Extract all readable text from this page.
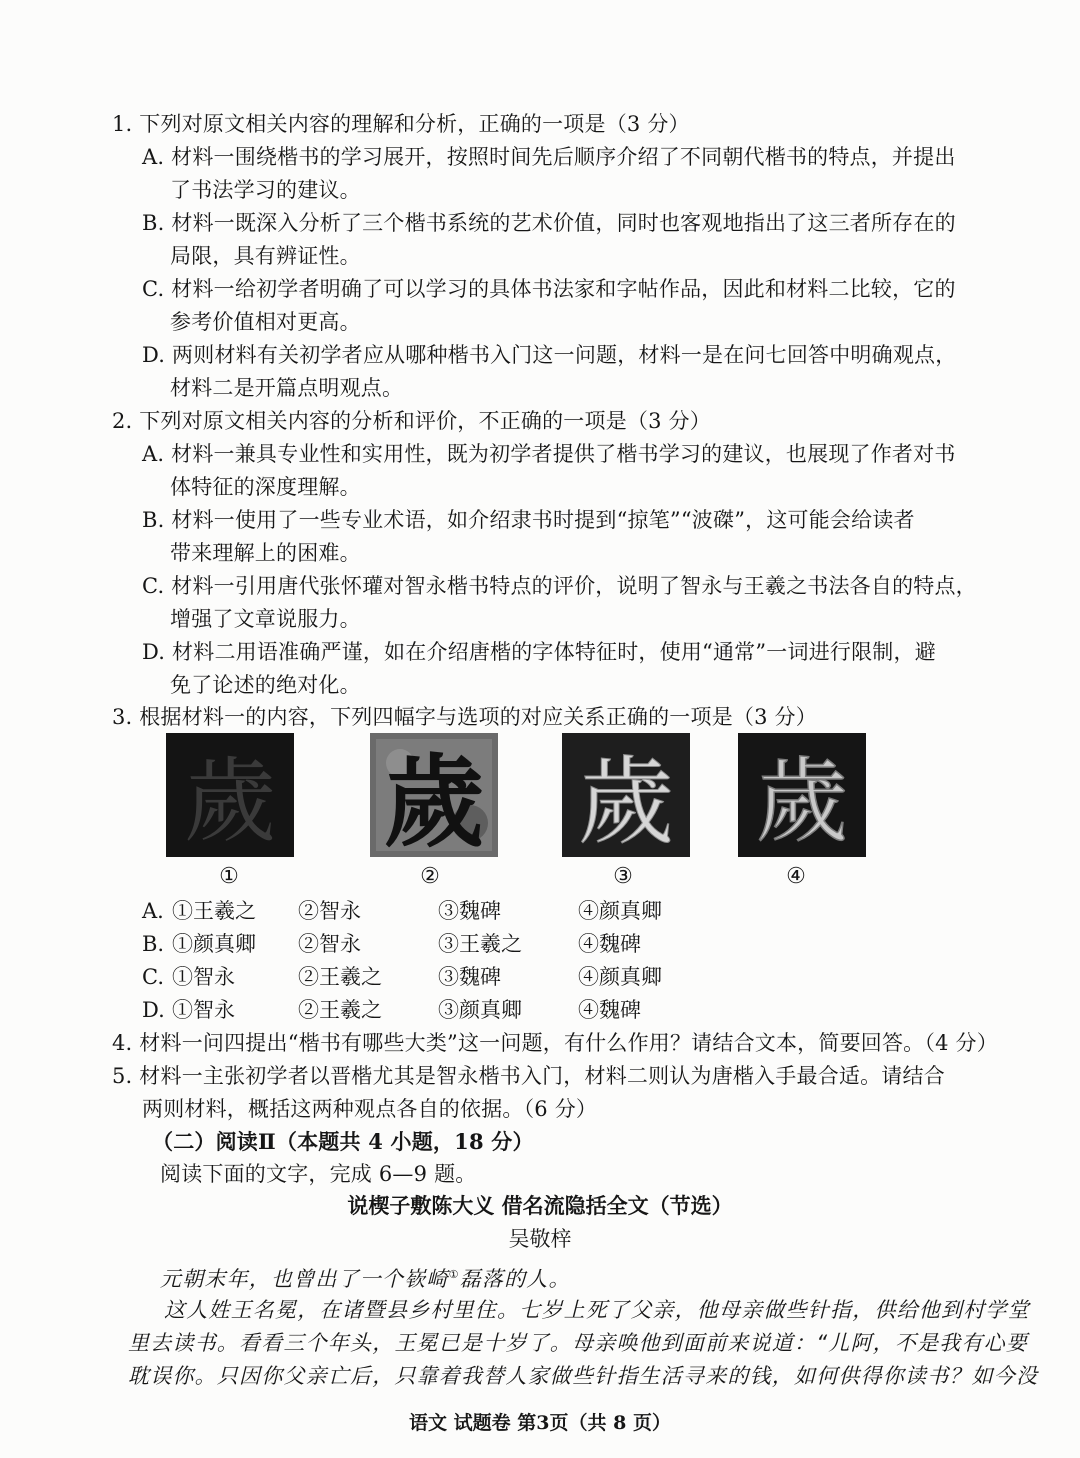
1. 下列对原文相关内容的理解和分析，正确的一项是（3 分）
A. 材料一围绕楷书的学习展开，按照时间先后顺序介绍了不同朝代楷书的特点，并提出
了书法学习的建议。
B. 材料一既深入分析了三个楷书系统的艺术价值，同时也客观地指出了这三者所存在的
局限，具有辨证性。
C. 材料一给初学者明确了可以学习的具体书法家和字帖作品，因此和材料二比较，它的
参考价值相对更高。
D. 两则材料有关初学者应从哪种楷书入门这一问题，材料一是在问七回答中明确观点，
材料二是开篇点明观点。
2. 下列对原文相关内容的分析和评价，不正确的一项是（3 分）
A. 材料一兼具专业性和实用性，既为初学者提供了楷书学习的建议，也展现了作者对书
体特征的深度理解。
B. 材料一使用了一些专业术语，如介绍隶书时提到“掠笔”“波磔”，这可能会给读者
带来理解上的困难。
C. 材料一引用唐代张怀瓘对智永楷书特点的评价，说明了智永与王羲之书法各自的特点，
增强了文章说服力。
D. 材料二用语准确严谨，如在介绍唐楷的字体特征时，使用“通常”一词进行限制，避
免了论述的绝对化。
3. 根据材料一的内容，下列四幅字与选项的对应关系正确的一项是（3 分）
歲 歲 歲 歲
①	②	③	④
A. ①王羲之 ②智永	③魏碑	④颜真卿
B. ①颜真卿 ②智永	③王羲之	④魏碑
C. ①智永	②王羲之	③魏碑	④颜真卿
D. ①智永	②王羲之	③颜真卿	④魏碑
4. 材料一问四提出“楷书有哪些大类”这一问题，有什么作用？请结合文本，简要回答。（4 分）
5. 材料一主张初学者以晋楷尤其是智永楷书入门，材料二则认为唐楷入手最合适。请结合
两则材料，概括这两种观点各自的依据。（6 分）
（二）阅读Ⅱ（本题共 4 小题，18 分）
阅读下面的文字，完成 6—9 题。
说楔子敷陈大义 借名流隐括全文（节选）
吴敬梓
元朝末年，也曾出了一个嵚崎①磊落的人。
这人姓王名冕，在诸暨县乡村里住。七岁上死了父亲，他母亲做些针指，供给他到村学堂
里去读书。看看三个年头，王冕已是十岁了。母亲唤他到面前来说道：“儿阿，不是我有心要
耽误你。只因你父亲亡后，只靠着我替人家做些针指生活寻来的钱，如何供得你读书？如今没
语文 试题卷 第3页（共 8 页）
